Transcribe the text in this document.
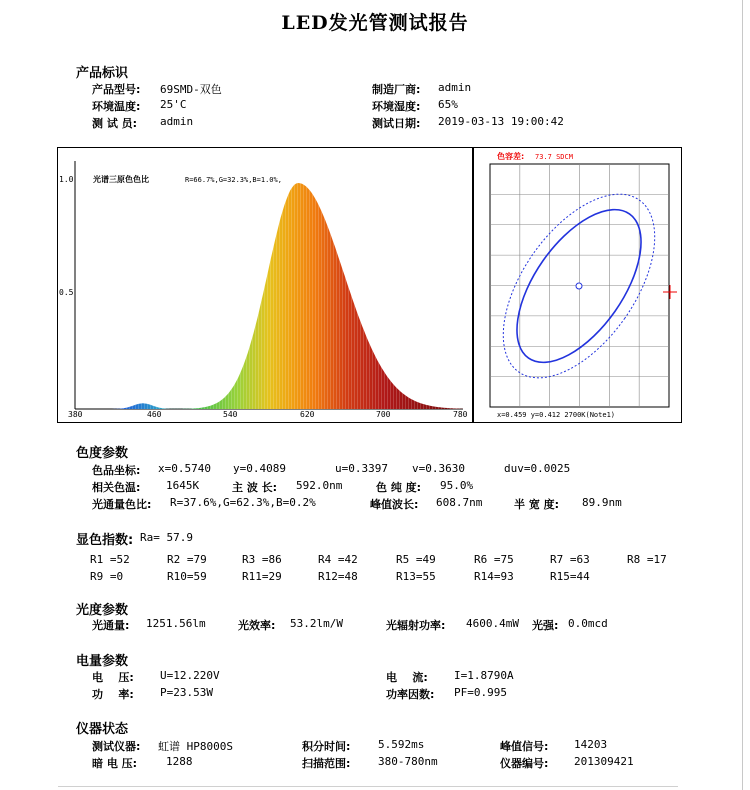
LED发光管测试报告
产品标识
产品型号: 69SMD-双色	制造厂商: admin
环境温度: 25'C	环境湿度: 65%
测 试 员: admin	测试日期: 2019-03-13 19:00:42
1.0
0.5
380	460	540	620	700	780
光谱三原色色比	R=66.7%,G=32.3%,B=1.0%,
色容差: 73.7 SDCM
x=0.459 y=0.412 2700K(Note1)
色度参数
色品坐标: x=0.5740 y=0.4089	u=0.3397 v=0.3630	duv=0.0025
相关色温: 1645K	主 波 长: 592.0nm	色 纯 度: 95.0%
光通量色比: R=37.6%,G=62.3%,B=0.2%	峰值波长: 608.7nm	半 宽 度: 89.9nm
显色指数: Ra= 57.9
R1 =52	R2 =79	R3 =86	R4 =42	R5 =49	R6 =75	R7 =63	R8 =17
R9 =0	R10=59	R11=29	R12=48	R13=55	R14=93	R15=44
光度参数
光通量: 1251.56lm	光效率: 53.2lm/W	光辐射功率: 4600.4mW 光强: 0.0mcd
电量参数
电    压: U=12.220V	电    流: I=1.8790A
功    率: P=23.53W	功率因数: PF=0.995
仪器状态
测试仪器: 虹谱 HP8000S	积分时间:	5.592ms	峰值信号: 14203
暗 电 压:	1288	扫描范围:	380-780nm	仪器编号: 201309421
